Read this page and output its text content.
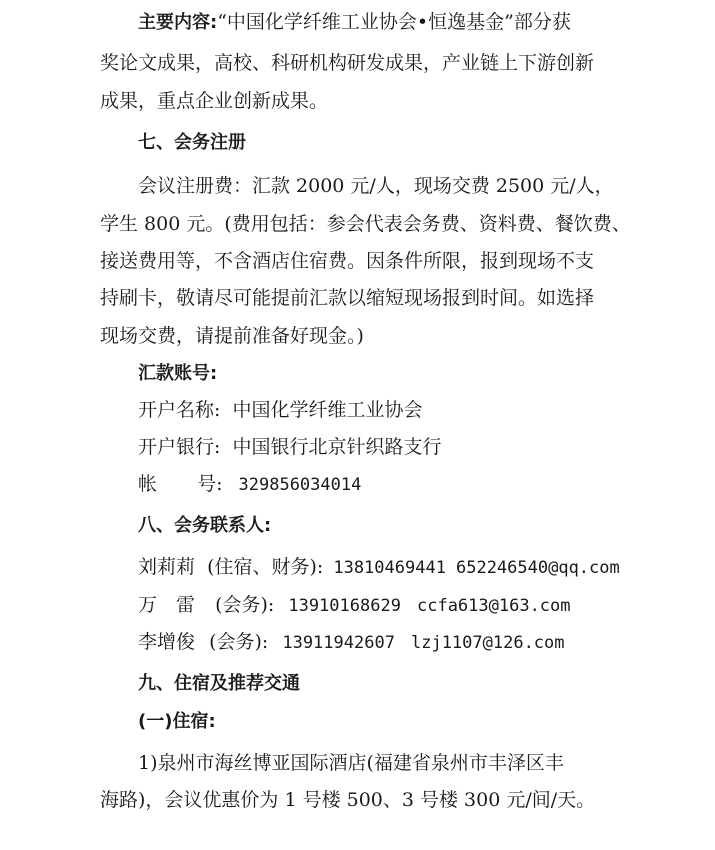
主要内容:“中国化学纤维工业协会•恒逸基金”部分获
奖论文成果，高校、科研机构研发成果，产业链上下游创新
成果，重点企业创新成果。
七、会务注册
会议注册费：汇款 2000 元/人，现场交费 2500 元/人，
学生 800 元。(费用包括：参会代表会务费、资料费、餐饮费、
接送费用等，不含酒店住宿费。因条件所限，报到现场不支
持刷卡，敬请尽可能提前汇款以缩短现场报到时间。如选择
现场交费，请提前准备好现金。)
汇款账号:
开户名称: 中国化学纤维工业协会
开户银行: 中国银行北京针织路支行
帐 号: 329856034014
八、会务联系人:
刘莉莉 (住宿、财务): 13810469441 652246540@qq.com
万　雷 (会务): 13910168629 ccfa613@163.com
李增俊 (会务): 13911942607 lzj1107@126.com
九、住宿及推荐交通
(一)住宿:
1)泉州市海丝博亚国际酒店(福建省泉州市丰泽区丰
海路)，会议优惠价为 1 号楼 500、3 号楼 300 元/间/天。
